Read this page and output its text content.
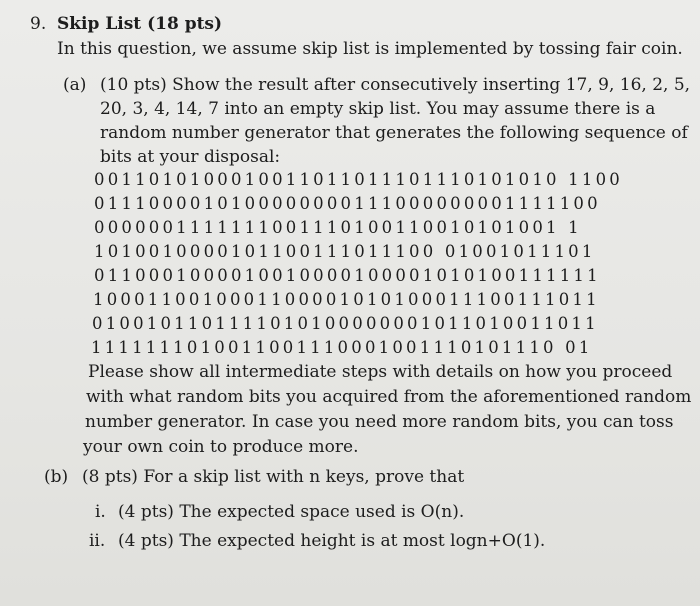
9. Skip List (18 pts)
In this question, we assume skip list is implemented by tossing fair coin.
(a) (10 pts) Show the result after consecutively inserting 17, 9, 16, 2, 5,
20, 3, 4, 14, 7 into an empty skip list. You may assume there is a
random number generator that generates the following sequence of
bits at your disposal:
0011010100010011011011101110101010 1100
0111000010100000000111000000001111100
0000001111111001110100110010101001 1
1010010000101100111011100 01001011101
0110001000010010000100001010100111111
1000110010001100001010100011100111011
0100101101111010100000001011010011011
1111111010011001110001001110101110 01
Please show all intermediate steps with details on how you proceed
with what random bits you acquired from the aforementioned random
number generator. In case you need more random bits, you can toss
your own coin to produce more.
(b) (8 pts) For a skip list with n keys, prove that
i. (4 pts) The expected space used is O(n).
ii. (4 pts) The expected height is at most logn+O(1).
